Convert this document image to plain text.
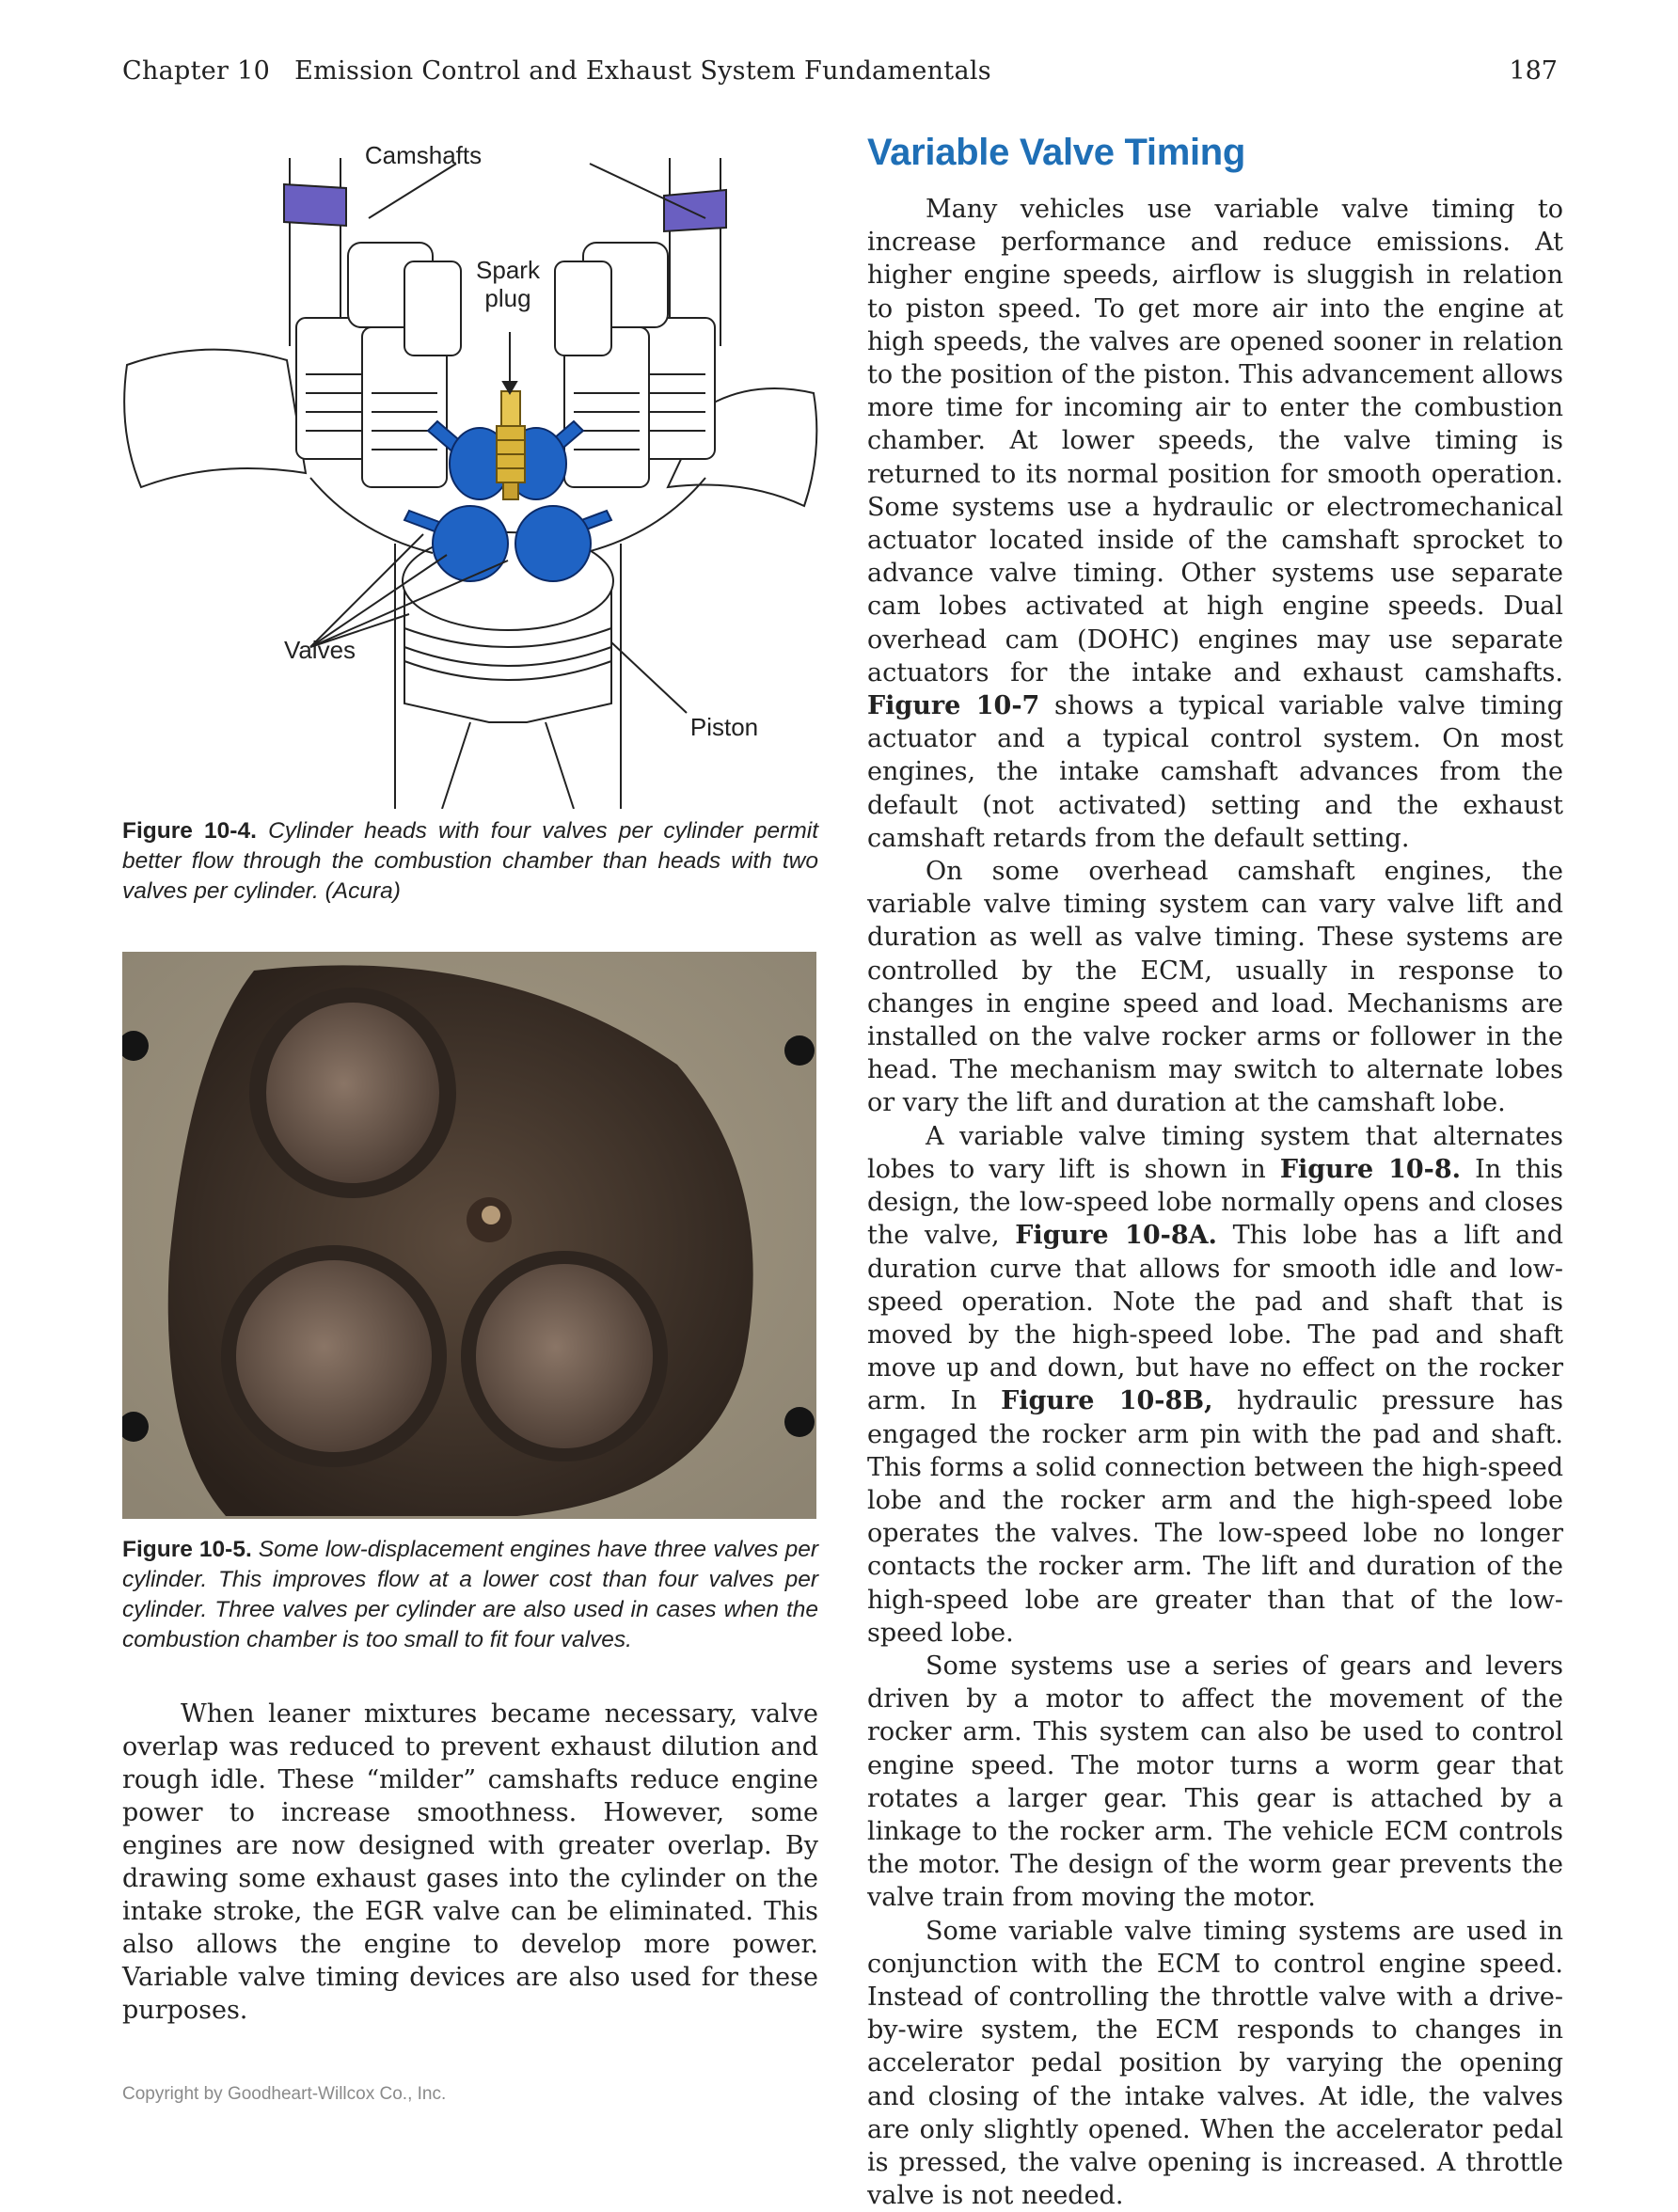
Chapter 10 Emission Control and Exhaust System Fundamentals	187
Camshafts
Spark
plug
Valves
Piston
Figure 10-4. Cylinder heads with four valves per cylinder permit better flow through the combustion chamber than heads with two valves per cylinder. (Acura)
Figure 10-5. Some low-displacement engines have three valves per cylinder. This improves flow at a lower cost than four valves per cylinder. Three valves per cylinder are also used in cases when the combustion chamber is too small to fit four valves.

When leaner mixtures became necessary, valve overlap was reduced to prevent exhaust dilution and rough idle. These “milder” camshafts reduce engine power to increase smoothness. However, some engines are now designed with greater overlap. By drawing some exhaust gases into the cylinder on the intake stroke, the EGR valve can be eliminated. This also allows the engine to develop more power. Variable valve timing devices are also used for these purposes.

Variable Valve Timing

Many vehicles use variable valve timing to increase performance and reduce emissions. At higher engine speeds, airflow is sluggish in relation to piston speed. To get more air into the engine at high speeds, the valves are opened sooner in relation to the position of the piston. This advancement allows more time for incoming air to enter the combustion chamber. At lower speeds, the valve timing is returned to its normal position for smooth operation. Some systems use a hydraulic or electromechanical actuator located inside of the camshaft sprocket to advance valve timing. Other systems use separate cam lobes activated at high engine speeds. Dual overhead cam (DOHC) engines may use separate actuators for the intake and exhaust camshafts. Figure 10-7 shows a typical variable valve timing actuator and a typical control system. On most engines, the intake camshaft advances from the default (not activated) setting and the exhaust camshaft retards from the default setting.

On some overhead camshaft engines, the variable valve timing system can vary valve lift and duration as well as valve timing. These systems are controlled by the ECM, usually in response to changes in engine speed and load. Mechanisms are installed on the valve rocker arms or follower in the head. The mechanism may switch to alternate lobes or vary the lift and duration at the camshaft lobe.

A variable valve timing system that alternates lobes to vary lift is shown in Figure 10-8. In this design, the low-speed lobe normally opens and closes the valve, Figure 10-8A. This lobe has a lift and duration curve that allows for smooth idle and low-speed operation. Note the pad and shaft that is moved by the high-speed lobe. The pad and shaft move up and down, but have no effect on the rocker arm. In Figure 10-8B, hydraulic pressure has engaged the rocker arm pin with the pad and shaft. This forms a solid connection between the high-speed lobe and the rocker arm and the high-speed lobe operates the valves. The low-speed lobe no longer contacts the rocker arm. The lift and duration of the high-speed lobe are greater than that of the low-speed lobe.

Some systems use a series of gears and levers driven by a motor to affect the movement of the rocker arm. This system can also be used to control engine speed. The motor turns a worm gear that rotates a larger gear. This gear is attached by a linkage to the rocker arm. The vehicle ECM controls the motor. The design of the worm gear prevents the valve train from moving the motor.

Some variable valve timing systems are used in conjunction with the ECM to control engine speed. Instead of controlling the throttle valve with a drive-by-wire system, the ECM responds to changes in accelerator pedal position by varying the opening and closing of the intake valves. At idle, the valves are only slightly opened. When the accelerator pedal is pressed, the valve opening is increased. A throttle valve is not needed.

Copyright by Goodheart-Willcox Co., Inc.
